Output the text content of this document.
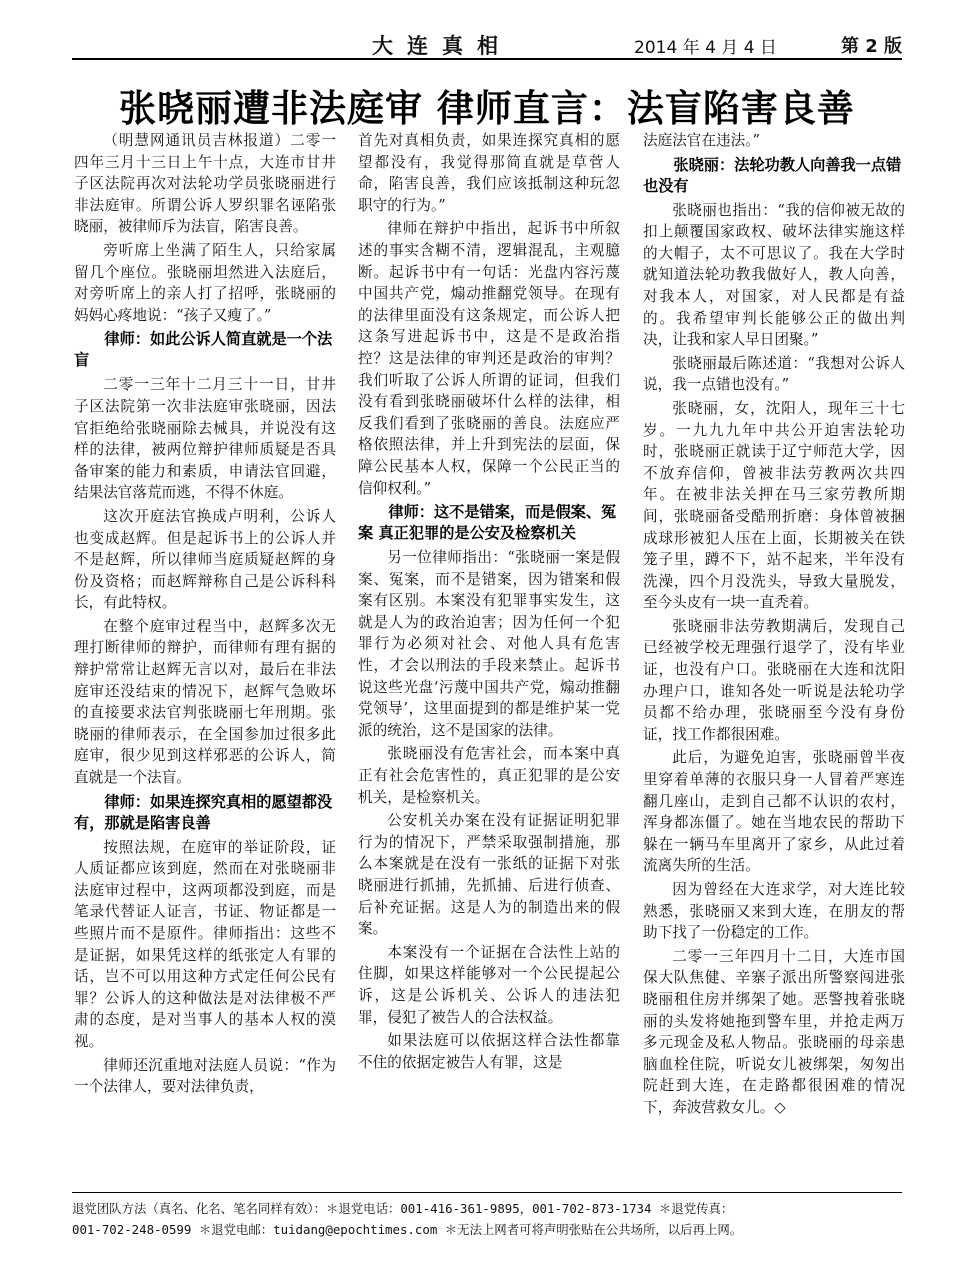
大连真相	2014 年 4 月 4 日	第 2 版
张晓丽遭非法庭审 律师直言：法盲陷害良善

（明慧网通讯员吉林报道）二零一四年三月十三日上午十点，大连市甘井子区法院再次对法轮功学员张晓丽进行非法庭审。所谓公诉人罗织罪名诬陷张晓丽，被律师斥为法盲，陷害良善。

旁听席上坐满了陌生人，只给家属留几个座位。张晓丽坦然进入法庭后，对旁听席上的亲人打了招呼，张晓丽的妈妈心疼地说：“孩子又瘦了。”

律师：如此公诉人简直就是一个法盲

二零一三年十二月三十一日，甘井子区法院第一次非法庭审张晓丽，因法官拒绝给张晓丽除去械具，并说没有这样的法律，被两位辩护律师质疑是否具备审案的能力和素质，申请法官回避，结果法官落荒而逃，不得不休庭。

这次开庭法官换成卢明利，公诉人也变成赵辉。但是起诉书上的公诉人并不是赵辉，所以律师当庭质疑赵辉的身份及资格；而赵辉辩称自己是公诉科科长，有此特权。

在整个庭审过程当中，赵辉多次无理打断律师的辩护，而律师有理有据的辩护常常让赵辉无言以对，最后在非法庭审还没结束的情况下，赵辉气急败坏的直接要求法官判张晓丽七年刑期。张晓丽的律师表示，在全国参加过很多此庭审，很少见到这样邪恶的公诉人，简直就是一个法盲。

律师：如果连探究真相的愿望都没有，那就是陷害良善

按照法规，在庭审的举证阶段，证人质证都应该到庭，然而在对张晓丽非法庭审过程中，这两项都没到庭，而是笔录代替证人证言，书证、物证都是一些照片而不是原件。律师指出：这些不是证据，如果凭这样的纸张定人有罪的话，岂不可以用这种方式定任何公民有罪？公诉人的这种做法是对法律极不严肃的态度，是对当事人的基本人权的漠视。

律师还沉重地对法庭人员说：“作为一个法律人，要对法律负责，

首先对真相负责，如果连探究真相的愿望都没有，我觉得那简直就是草菅人命，陷害良善，我们应该抵制这种玩忽职守的行为。”

律师在辩护中指出，起诉书中所叙述的事实含糊不清，逻辑混乱，主观臆断。起诉书中有一句话：光盘内容污蔑中国共产党，煽动推翻党领导。在现有的法律里面没有这条规定，而公诉人把这条写进起诉书中，这是不是政治指控？这是法律的审判还是政治的审判？我们听取了公诉人所谓的证词，但我们没有看到张晓丽破坏什么样的法律，相反我们看到了张晓丽的善良。法庭应严格依照法律，并上升到宪法的层面，保障公民基本人权，保障一个公民正当的信仰权利。”

律师：这不是错案，而是假案、冤案 真正犯罪的是公安及检察机关

另一位律师指出：“张晓丽一案是假案、冤案，而不是错案，因为错案和假案有区别。本案没有犯罪事实发生，这就是人为的政治迫害；因为任何一个犯罪行为必须对社会、对他人具有危害性，才会以刑法的手段来禁止。起诉书说这些光盘‘污蔑中国共产党，煽动推翻党领导’，这里面提到的都是维护某一党派的统治，这不是国家的法律。

张晓丽没有危害社会，而本案中真正有社会危害性的，真正犯罪的是公安机关，是检察机关。

公安机关办案在没有证据证明犯罪行为的情况下，严禁采取强制措施，那么本案就是在没有一张纸的证据下对张晓丽进行抓捕，先抓捕、后进行侦查、后补充证据。这是人为的制造出来的假案。

本案没有一个证据在合法性上站的住脚，如果这样能够对一个公民提起公诉，这是公诉机关、公诉人的违法犯罪，侵犯了被告人的合法权益。

如果法庭可以依据这样合法性都靠不住的依据定被告人有罪，这是

法庭法官在违法。”

张晓丽：法轮功教人向善我一点错也没有

张晓丽也指出：“我的信仰被无故的扣上颠覆国家政权、破坏法律实施这样的大帽子，太不可思议了。我在大学时就知道法轮功教我做好人，教人向善，对我本人，对国家，对人民都是有益的。我希望审判长能够公正的做出判决，让我和家人早日团聚。”

张晓丽最后陈述道：“我想对公诉人说，我一点错也没有。”

张晓丽，女，沈阳人，现年三十七岁。一九九九年中共公开迫害法轮功时，张晓丽正就读于辽宁师范大学，因不放弃信仰，曾被非法劳教两次共四年。在被非法关押在马三家劳教所期间，张晓丽备受酷刑折磨：身体曾被捆成球形被犯人压在上面，长期被关在铁笼子里，蹲不下，站不起来，半年没有洗澡，四个月没洗头，导致大量脱发，至今头皮有一块一直秃着。

张晓丽非法劳教期满后，发现自己已经被学校无理强行退学了，没有毕业证，也没有户口。张晓丽在大连和沈阳办理户口，谁知各处一听说是法轮功学员都不给办理，张晓丽至今没有身份证，找工作都很困难。

此后，为避免迫害，张晓丽曾半夜里穿着单薄的衣服只身一人冒着严寒连翻几座山，走到自己都不认识的农村，浑身都冻僵了。她在当地农民的帮助下躲在一辆马车里离开了家乡，从此过着流离失所的生活。

因为曾经在大连求学，对大连比较熟悉，张晓丽又来到大连，在朋友的帮助下找了一份稳定的工作。

二零一三年四月十二日，大连市国保大队焦健、辛寨子派出所警察闯进张晓丽租住房并绑架了她。恶警拽着张晓丽的头发将她拖到警车里，并抢走两万多元现金及私人物品。张晓丽的母亲患脑血栓住院，听说女儿被绑架，匆匆出院赶到大连，在走路都很困难的情况下，奔波营救女儿。◇

退党团队方法（真名、化名、笔名同样有效）：＊退党电话：001-416-361-9895，001-702-873-1734 ＊退党传真：
001-702-248-0599 ＊退党电邮：tuidang@epochtimes.com ＊无法上网者可将声明张贴在公共场所，以后再上网。
